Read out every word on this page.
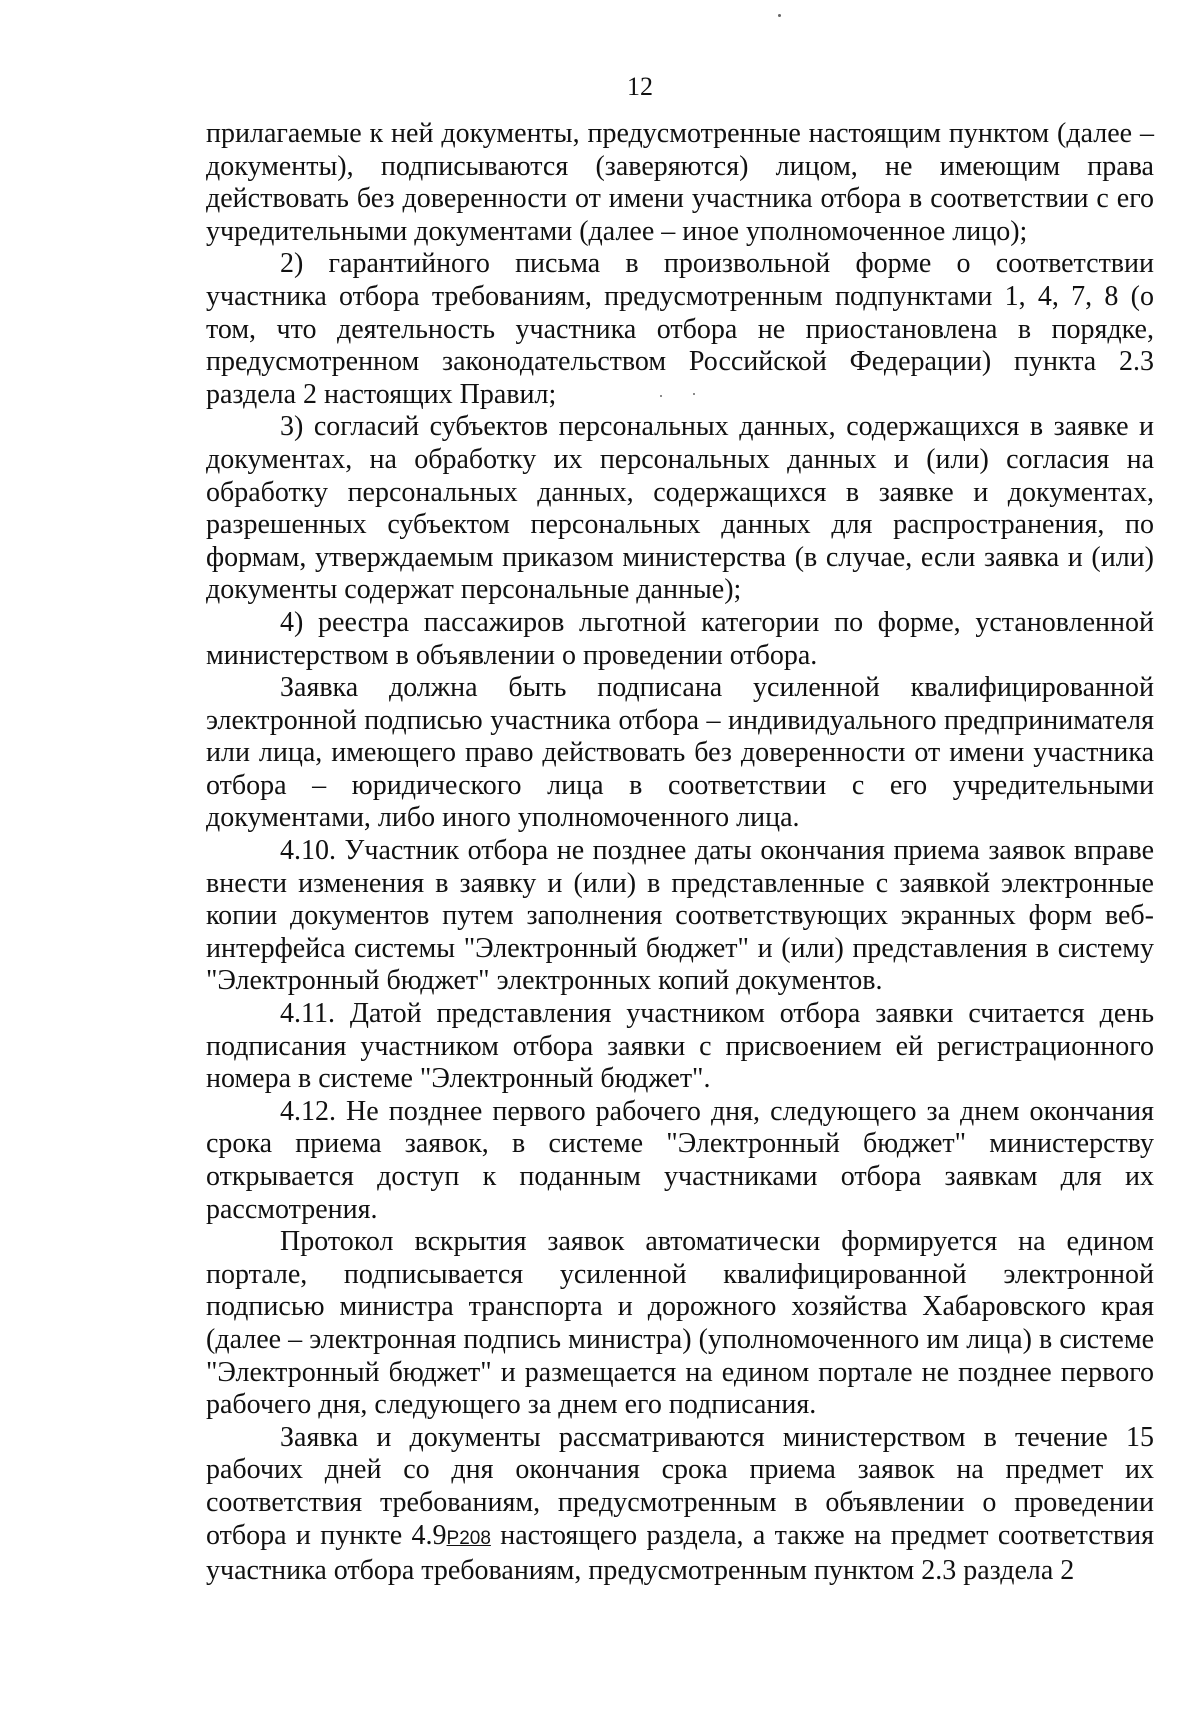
12

прилагаемые к ней документы, предусмотренные настоящим пунктом (далее – документы), подписываются (заверяются) лицом, не имеющим права действовать без доверенности от имени участника отбора в соответствии с его учредительными документами (далее – иное уполномоченное лицо);

2) гарантийного письма в произвольной форме о соответствии участника отбора требованиям, предусмотренным подпунктами 1, 4, 7, 8 (о том, что деятельность участника отбора не приостановлена в порядке, предусмотренном законодательством Российской Федерации) пункта 2.3 раздела 2 настоящих Правил;

3) согласий субъектов персональных данных, содержащихся в заявке и документах, на обработку их персональных данных и (или) согласия на обработку персональных данных, содержащихся в заявке и документах, разрешенных субъектом персональных данных для распространения, по формам, утверждаемым приказом министерства (в случае, если заявка и (или) документы содержат персональные данные);

4) реестра пассажиров льготной категории по форме, установленной министерством в объявлении о проведении отбора.

Заявка должна быть подписана усиленной квалифицированной электронной подписью участника отбора – индивидуального предпринимателя или лица, имеющего право действовать без доверенности от имени участника отбора – юридического лица в соответствии с его учредительными документами, либо иного уполномоченного лица.

4.10. Участник отбора не позднее даты окончания приема заявок вправе внести изменения в заявку и (или) в представленные с заявкой электронные копии документов путем заполнения соответствующих экранных форм веб-интерфейса системы "Электронный бюджет" и (или) представления в систему "Электронный бюджет" электронных копий документов.

4.11. Датой представления участником отбора заявки считается день подписания участником отбора заявки с присвоением ей регистрационного номера в системе "Электронный бюджет".

4.12. Не позднее первого рабочего дня, следующего за днем окончания срока приема заявок, в системе "Электронный бюджет" министерству открывается доступ к поданным участниками отбора заявкам для их рассмотрения.

Протокол вскрытия заявок автоматически формируется на едином портале, подписывается усиленной квалифицированной электронной подписью министра транспорта и дорожного хозяйства Хабаровского края (далее – электронная подпись министра) (уполномоченного им лица) в системе "Электронный бюджет" и размещается на едином портале не позднее первого рабочего дня, следующего за днем его подписания.

Заявка и документы рассматриваются министерством в течение 15 рабочих дней со дня окончания срока приема заявок на предмет их соответствия требованиям, предусмотренным в объявлении о проведении отбора и пункте 4.9P208 настоящего раздела, а также на предмет соответствия участника отбора требованиям, предусмотренным пунктом 2.3 раздела 2
